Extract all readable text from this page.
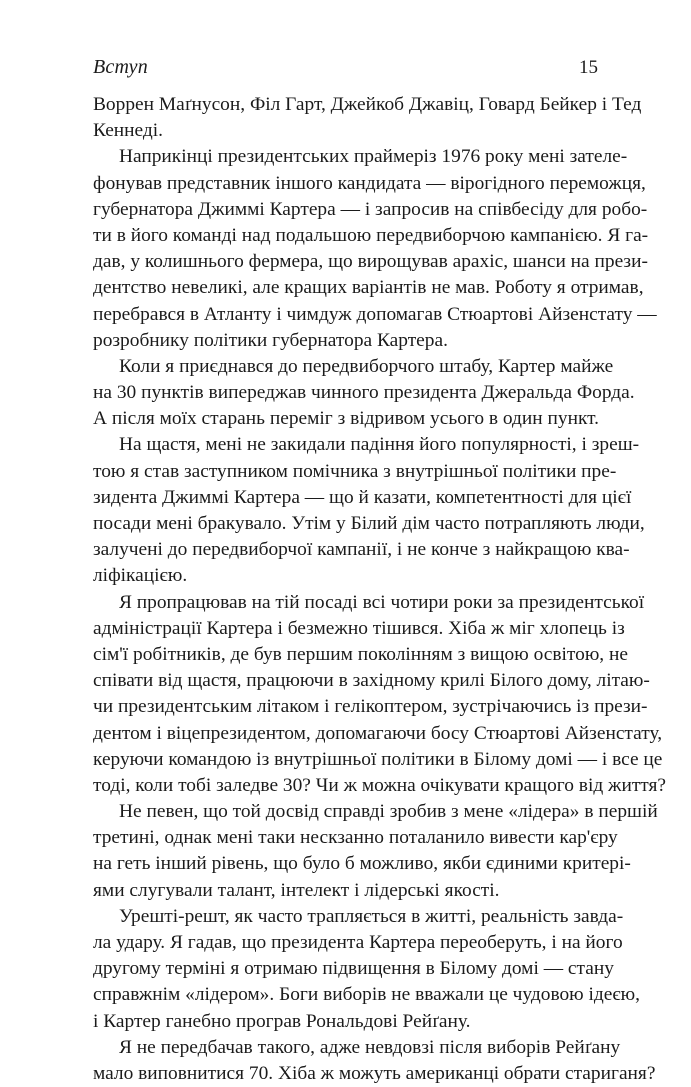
Вступ	15
Воррен Маґнусон, Філ Гарт, Джейкоб Джавіц, Говард Бейкер і Тед
Кеннеді.
Наприкінці президентських праймеріз 1976 року мені зателе-
фонував представник іншого кандидата — вірогідного переможця,
губернатора Джиммі Картера — і запросив на співбесіду для робо-
ти в його команді над подальшою передвиборчою кампанією. Я га-
дав, у колишнього фермера, що вирощував арахіс, шанси на прези-
дентство невеликі, але кращих варіантів не мав. Роботу я отримав,
перебрався в Атланту і чимдуж допомагав Стюартові Айзенстату —
розробнику політики губернатора Картера.
Коли я приєднався до передвиборчого штабу, Картер майже
на 30 пунктів випереджав чинного президента Джеральда Форда.
А після моїх старань переміг з відривом усього в один пункт.
На щастя, мені не закидали падіння його популярності, і зреш-
тою я став заступником помічника з внутрішньої політики пре-
зидента Джиммі Картера — що й казати, компетентності для цієї
посади мені бракувало. Утім у Білий дім часто потрапляють люди,
залучені до передвиборчої кампанії, і не конче з найкращою ква-
ліфікацією.
Я пропрацював на тій посаді всі чотири роки за президентської
адміністрації Картера і безмежно тішився. Хіба ж міг хлопець із
сім'ї робітників, де був першим поколінням з вищою освітою, не
співати від щастя, працюючи в західному крилі Білого дому, літаю-
чи президентським літаком і гелікоптером, зустрічаючись із прези-
дентом і віцепрезидентом, допомагаючи босу Стюартові Айзенстату,
керуючи командою із внутрішньої політики в Білому домі — і все це
тоді, коли тобі заледве 30? Чи ж можна очікувати кращого від життя?
Не певен, що той досвід справді зробив з мене «лідера» в першій
третині, однак мені таки нескзанно поталанило вивести кар'єру
на геть інший рівень, що було б можливо, якби єдиними критері-
ями слугували талант, інтелект і лідерські якості.
Урешті-решт, як часто трапляється в житті, реальність завда-
ла удару. Я гадав, що президента Картера переоберуть, і на його
другому терміні я отримаю підвищення в Білому домі — стану
справжнім «лідером». Боги виборів не вважали це чудовою ідеєю,
і Картер ганебно програв Рональдові Рейґану.
Я не передбачав такого, адже невдовзі після виборів Рейґану
мало виповнитися 70. Хіба ж можуть американці обрати стариганя?
